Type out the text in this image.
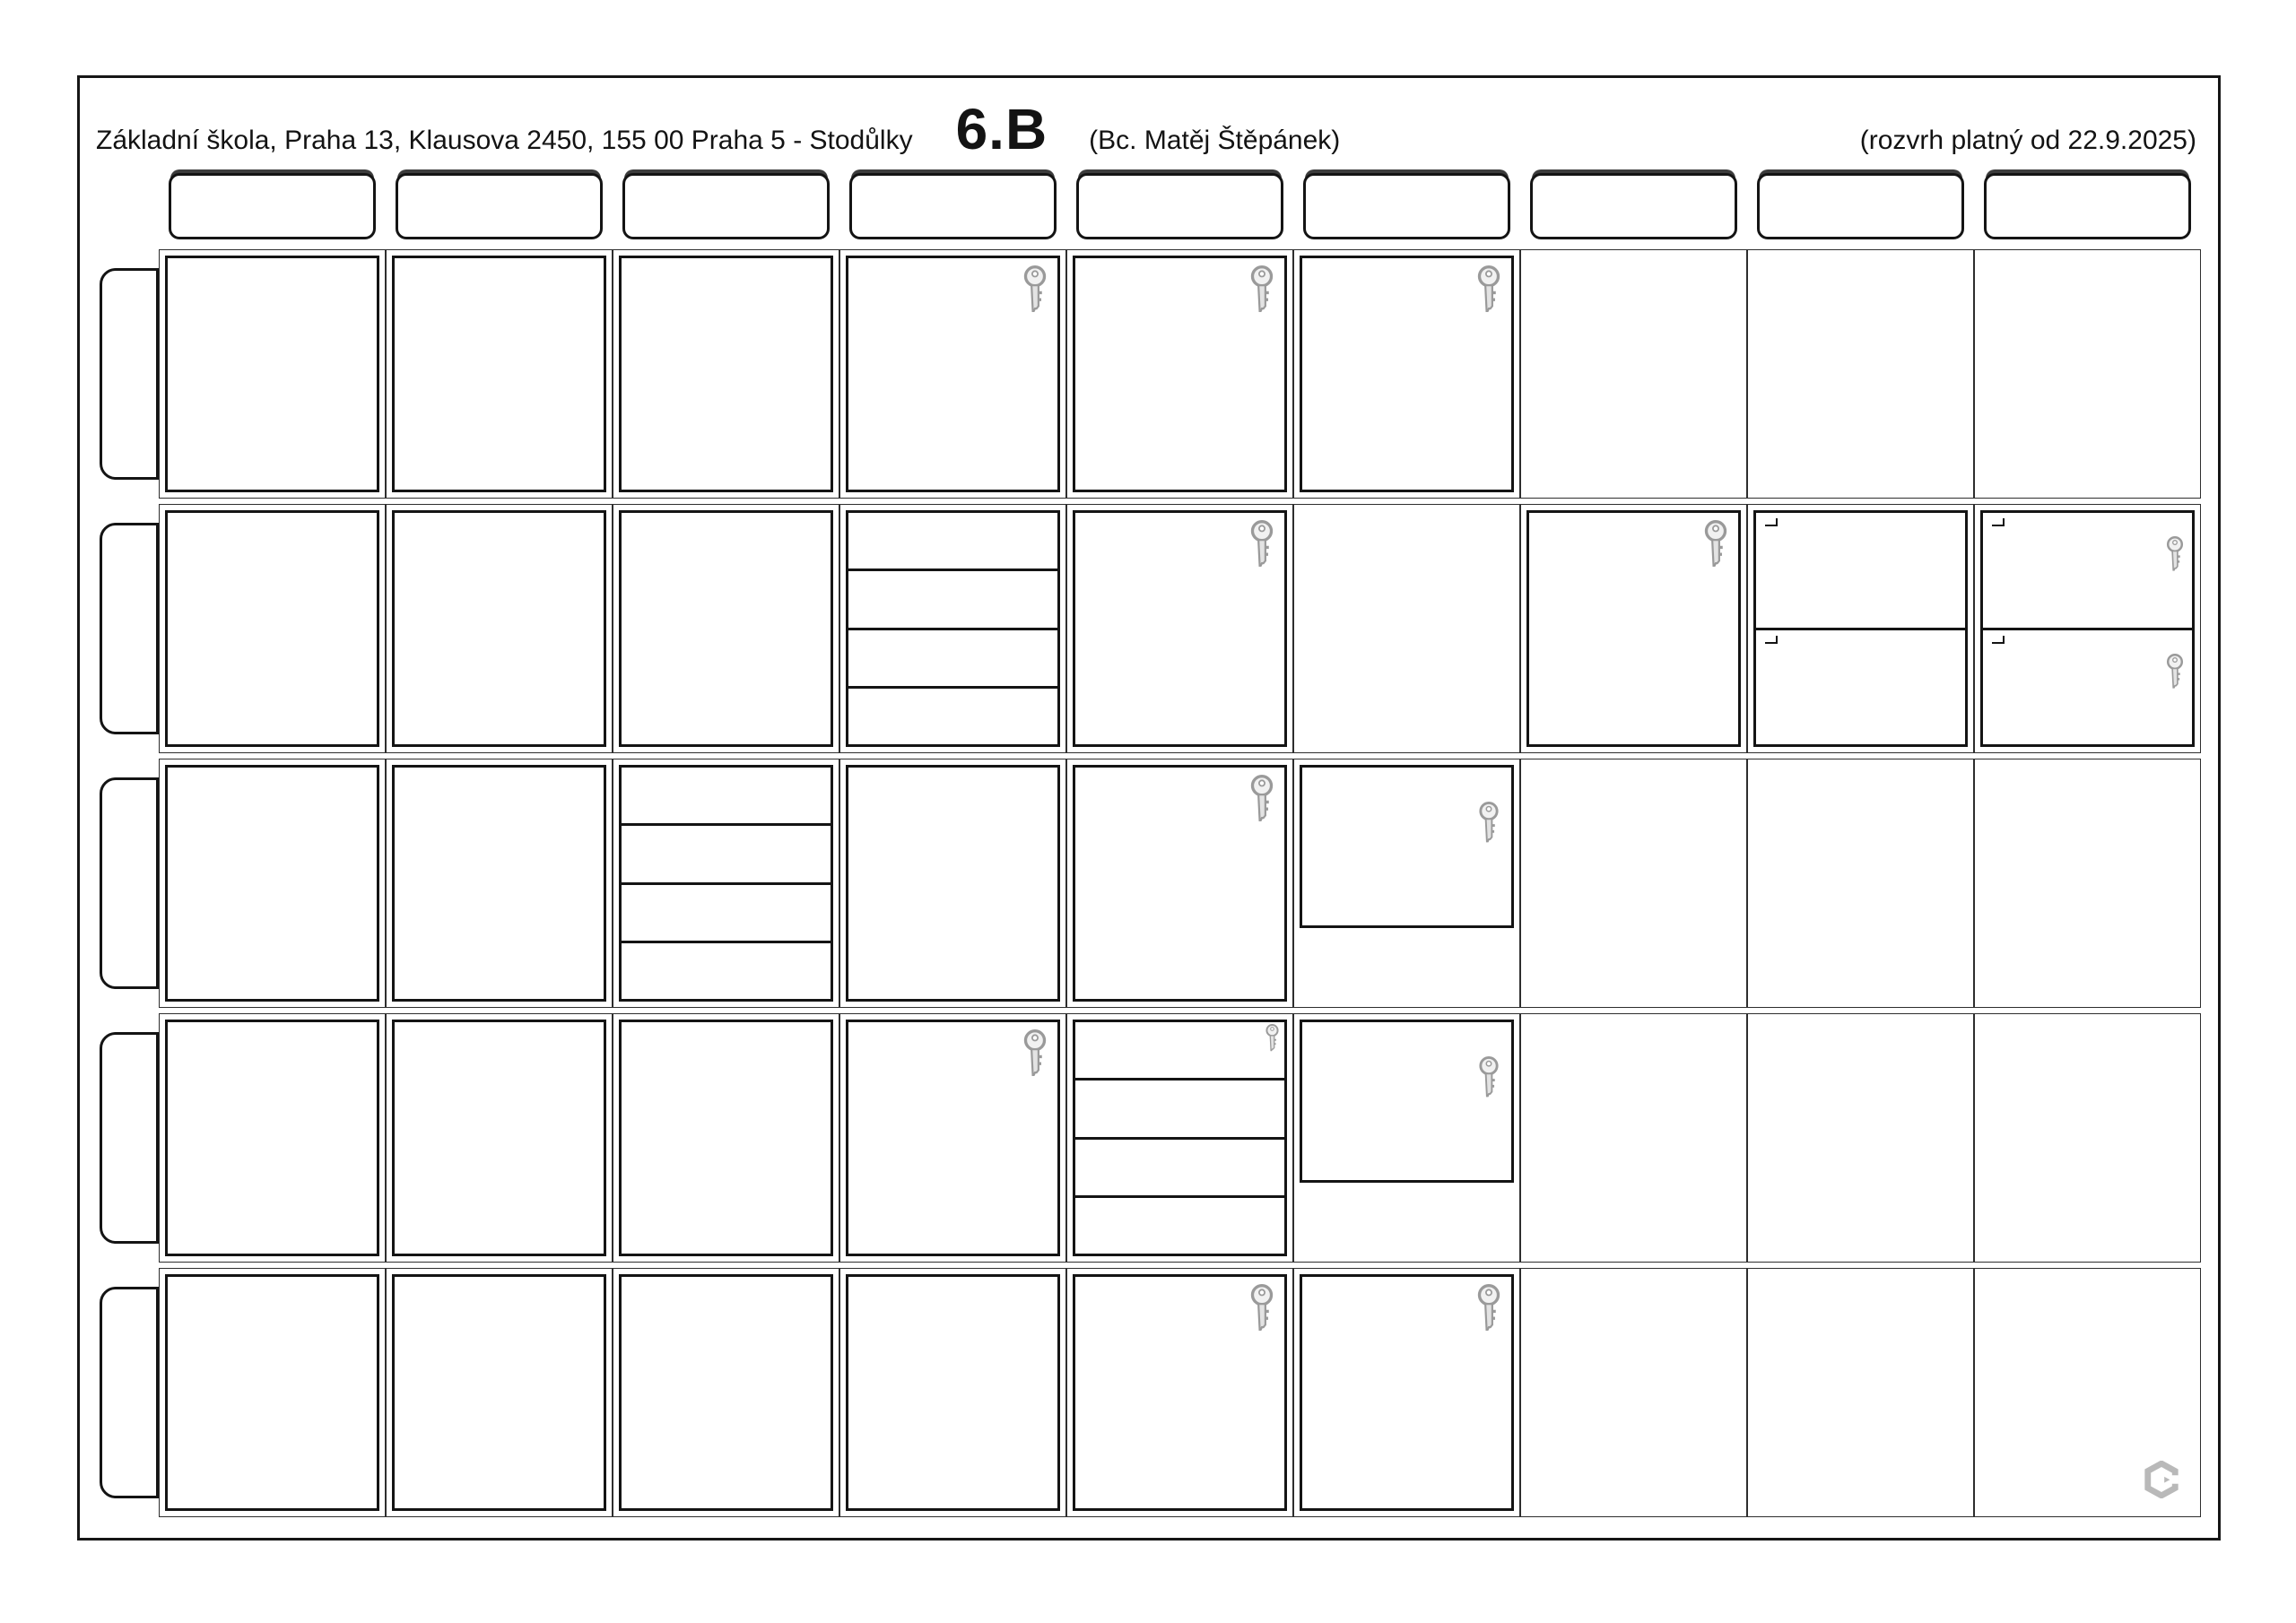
Základní škola, Praha 13, Klausova 2450, 155 00 Praha 5 - Stodůlky 6.B (Bc. Matěj Štěpánek)	(rozvrh platný od 22.9.2025)
